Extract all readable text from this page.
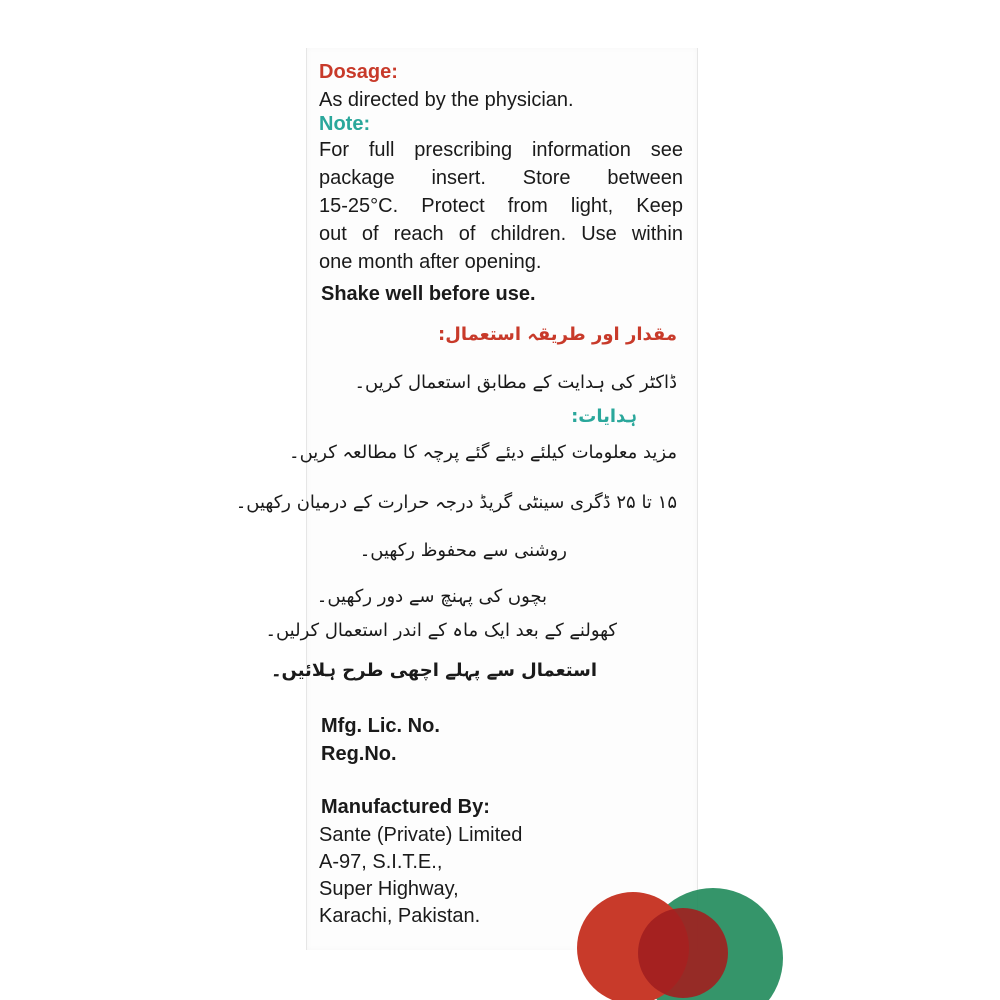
Dosage:
As directed by the physician.
Note:
For full prescribing information see
package insert. Store between
15-25°C. Protect from light, Keep
out of reach of children. Use within
one month after opening.
Shake well before use.
مقدار اور طریقہ استعمال:
ڈاکٹر کی ہدایت کے مطابق استعمال کریں۔
ہدایات:
مزید معلومات کیلئے دیئے گئے پرچہ کا مطالعہ کریں۔
۱۵ تا ۲۵ ڈگری سینٹی گریڈ درجہ حرارت کے درمیان رکھیں۔
روشنی سے محفوظ رکھیں۔
بچوں کی پہنچ سے دور رکھیں۔
کھولنے کے بعد ایک ماہ کے اندر استعمال کرلیں۔
استعمال سے پہلے اچھی طرح ہلائیں۔
Mfg. Lic. No.
Reg.No.
Manufactured By:
Sante (Private) Limited
A-97, S.I.T.E.,
Super Highway,
Karachi, Pakistan.
